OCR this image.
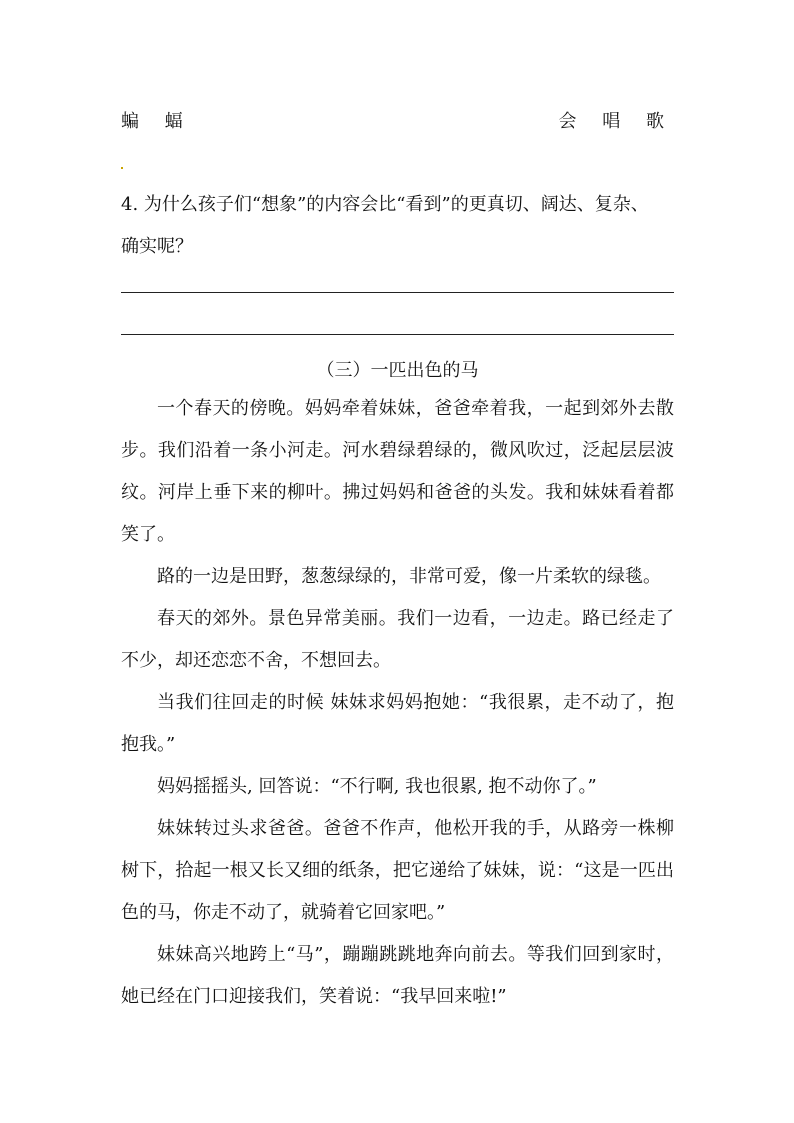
蝙 蝠	会 唱 歌
4. 为什么孩子们“想象”的内容会比“看到”的更真切、阔达、复杂、
确实呢？
（三）一匹出色的马

一个春天的傍晚。妈妈牵着妹妹，爸爸牵着我，一起到郊外去散步。我们沿着一条小河走。河水碧绿碧绿的，微风吹过，泛起层层波纹。河岸上垂下来的柳叶。拂过妈妈和爸爸的头发。我和妹妹看着都笑了。

路的一边是田野，葱葱绿绿的，非常可爱，像一片柔软的绿毯。

春天的郊外。景色异常美丽。我们一边看，一边走。路已经走了不少，却还恋恋不舍，不想回去。

当我们往回走的时候 妹妹求妈妈抱她：“我很累，走不动了，抱抱我。”

妈妈摇摇头, 回答说：“不行啊, 我也很累, 抱不动你了。”

妹妹转过头求爸爸。爸爸不作声，他松开我的手，从路旁一株柳树下，拾起一根又长又细的纸条，把它递给了妹妹，说：“这是一匹出色的马，你走不动了，就骑着它回家吧。”

妹妹高兴地跨上“马”，蹦蹦跳跳地奔向前去。等我们回到家时，她已经在门口迎接我们，笑着说：“我早回来啦!”
